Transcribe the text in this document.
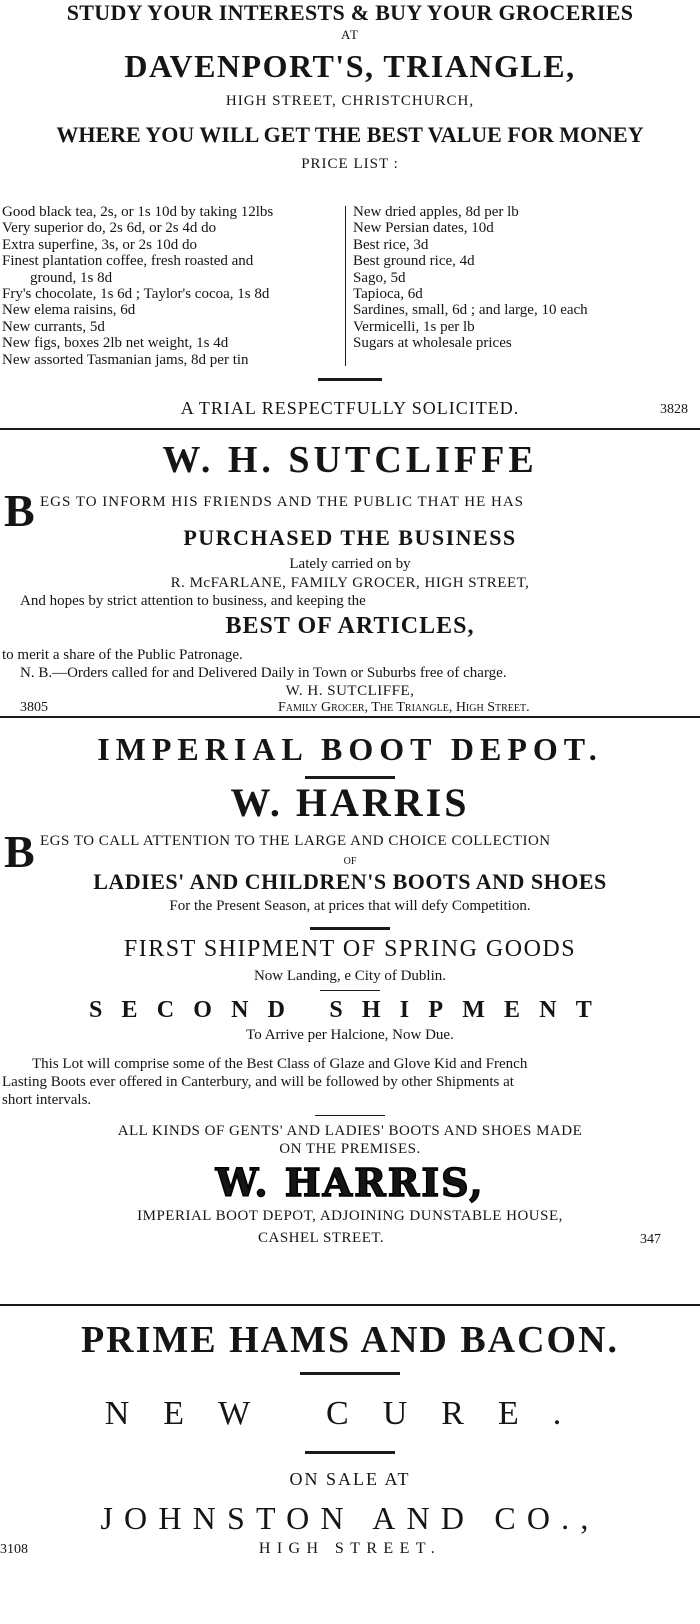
STUDY YOUR INTERESTS & BUY YOUR GROCERIES
AT
DAVENPORT'S, TRIANGLE,
HIGH STREET, CHRISTCHURCH,
WHERE YOU WILL GET THE BEST VALUE FOR MONEY
PRICE LIST :
Good black tea, 2s, or 1s 10d by taking 12lbs
Very superior do, 2s 6d, or 2s 4d do
Extra superfine, 3s, or 2s 10d do
Finest plantation coffee, fresh roasted and
ground, 1s 8d
Fry's chocolate, 1s 6d ; Taylor's cocoa, 1s 8d
New elema raisins, 6d
New currants, 5d
New figs, boxes 2lb net weight, 1s 4d
New assorted Tasmanian jams, 8d per tin
New dried apples, 8d per lb
New Persian dates, 10d
Best rice, 3d
Best ground rice, 4d
Sago, 5d
Tapioca, 6d
Sardines, small, 6d ; and large, 10 each
Vermicelli, 1s per lb
Sugars at wholesale prices
A TRIAL RESPECTFULLY SOLICITED.	3828
W. H. SUTCLIFFE
B EGS TO INFORM HIS FRIENDS AND THE PUBLIC THAT HE HAS
PURCHASED THE BUSINESS
Lately carried on by
R. McFARLANE, FAMILY GROCER, HIGH STREET,
And hopes by strict attention to business, and keeping the
BEST OF ARTICLES,
to merit a share of the Public Patronage.
N. B.—Orders called for and Delivered Daily in Town or Suburbs free of charge.
W. H. SUTCLIFFE,
3805	Family Grocer, The Triangle, High Street.
IMPERIAL BOOT DEPOT.
W. HARRIS
B EGS TO CALL ATTENTION TO THE LARGE AND CHOICE COLLECTION
OF
LADIES' AND CHILDREN'S BOOTS AND SHOES
For the Present Season, at prices that will defy Competition.
FIRST SHIPMENT OF SPRING GOODS
Now Landing, e City of Dublin.
SECOND SHIPMENT
To Arrive per Halcione, Now Due.
This Lot will comprise some of the Best Class of Glaze and Glove Kid and French
Lasting Boots ever offered in Canterbury, and will be followed by other Shipments at
short intervals.
ALL KINDS OF GENTS' AND LADIES' BOOTS AND SHOES MADE
ON THE PREMISES.
W. HARRIS,
IMPERIAL BOOT DEPOT, ADJOINING DUNSTABLE HOUSE,
CASHEL STREET.	347
PRIME HAMS AND BACON.
NEW CURE.
ON SALE AT
JOHNSTON AND CO.,
3108	HIGH STREET.
